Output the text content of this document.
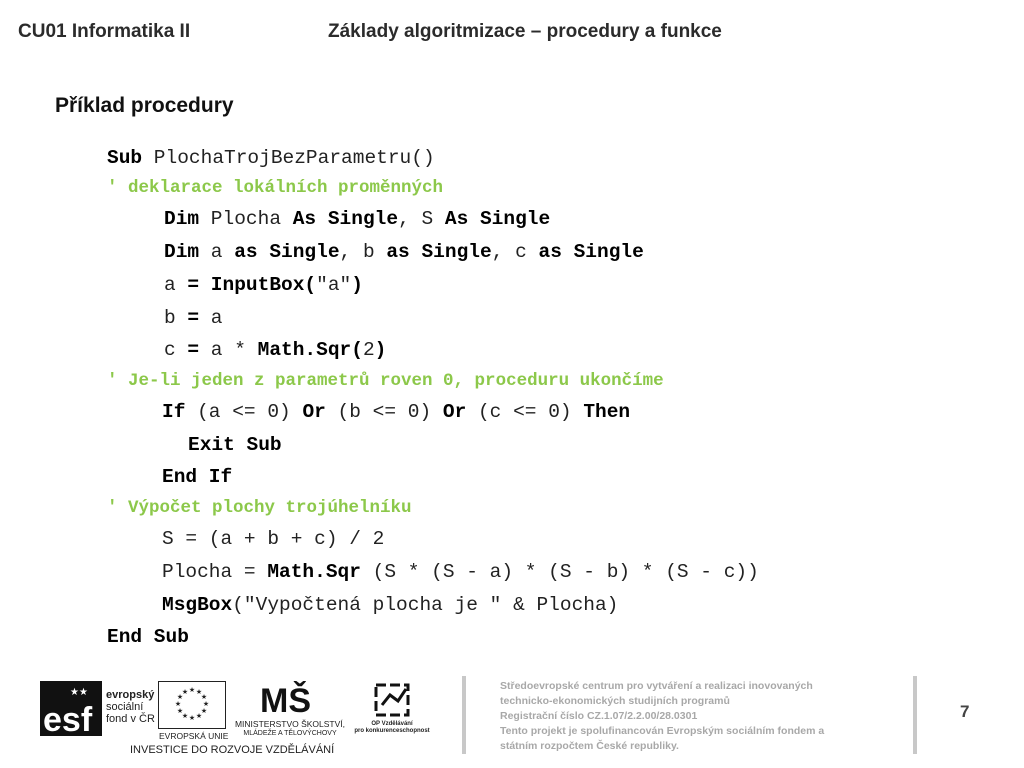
CU01 Informatika II	Základy algoritmizace – procedury a funkce
Příklad procedury
Sub PlochaTrojBezParametru()
' deklarace lokálních proměnných
Dim Plocha As Single, S As Single
Dim a as Single, b as Single, c as Single
a = InputBox("a")
b = a
c = a * Math.Sqr(2)
' Je-li jeden z parametrů roven 0, proceduru ukončíme
If (a <= 0) Or (b <= 0) Or (c <= 0) Then
Exit Sub
End If
' Výpočet plochy trojúhelníku
S = (a + b + c) / 2
Plocha = Math.Sqr (S * (S - a) * (S - b) * (S - c))
MsgBox("Vypočtená plocha je " & Plocha)
End Sub
esf
★★ evropský
sociální
fond v ČR
★ ★
★
★
★
★
★
★
★
★
★
★
EVROPSKÁ UNIE
MŠ
MINISTERSTVO ŠKOLSTVÍ,
MLÁDEŽE A TĚLOVÝCHOVY
OP Vzdělávání
pro konkurenceschopnost
INVESTICE DO ROZVOJE VZDĚLÁVÁNÍ
Středoevropské centrum pro vytváření a realizaci inovovaných
technicko-ekonomických studijních programů
Registrační číslo CZ.1.07/2.2.00/28.0301
Tento projekt je spolufinancován Evropským sociálním fondem a
státním rozpočtem České republiky.
7
